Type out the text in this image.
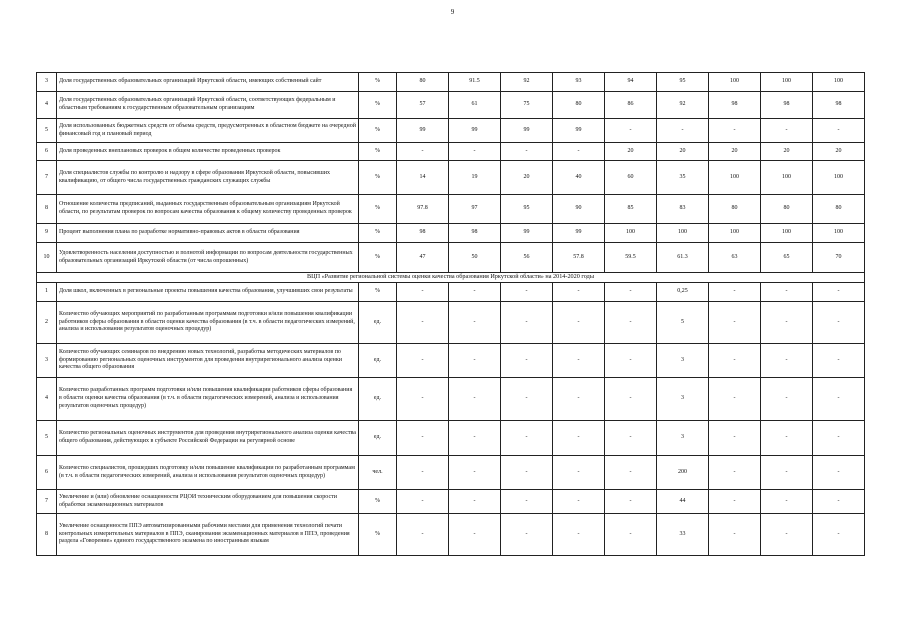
9
3	Доля государственных образовательных организаций Иркутской области, имеющих собственный сайт	%	80	91.5	92	93	94	95	100	100	100
4	Доля государственных образовательных организаций Иркутской области, соответствующих федеральным и областным требованиям к государственным образовательным организациям	%	57	61	75	80	86	92	98	98	98
5	Доля использованных бюджетных средств от объема средств, предусмотренных в областном бюджете на очередной финансовый год и плановый период	%	99	99	99	99	-	-	-	-	-
6	Доля проведенных внеплановых проверок в общем количестве проведенных проверок	%	-	-	-	-	20	20	20	20	20
7	Доля специалистов службы по контролю и надзору в сфере образования Иркутской области, повысивших квалификацию, от общего числа государственных гражданских служащих службы	%	14	19	20	40	60	35	100	100	100
8	Отношение количества предписаний, выданных государственным образовательным организациям Иркутской области, по результатам проверок по вопросам качества образования к общему количеству проведенных проверок	%	97.8	97	95	90	85	83	80	80	80
9	Процент выполнения плана по разработке нормативно-правовых актов в области образования	%	98	98	99	99	100	100	100	100	100
10	Удовлетворенность населения доступностью и полнотой информации по вопросам деятельности государственных образовательных организаций Иркутской области (от числа опрошенных)	%	47	50	56	57.8	59.5	61.3	63	65	70
ВЦП «Развитие региональной системы оценки качества образования Иркутской области» на 2014-2020 годы											
1	Доля школ, включенных в региональные проекты повышения качества образования, улучшивших свои результаты	%	-	-	-	-	-	0,25	-	-	-
2	Количество обучающих мероприятий по разработанным программам подготовки и/или повышения квалификации работников сферы образования в области оценки качества образования (в т.ч. в области педагогических измерений, анализа и использования результатов оценочных процедур)	ед.	-	-	-	-	-	5	-	-	-
3	Количество обучающих семинаров по внедрению новых технологий, разработка методических материалов по формированию региональных оценочных инструментов для проведения внутрирегионального анализа оценки качества общего образования	ед.	-	-	-	-	-	3	-	-	-
4	Количество разработанных программ подготовки и/или повышения квалификации работников сферы образования в области оценки качества образования (в т.ч. в области педагогических измерений, анализа и использования результатов оценочных процедур)	ед.	-	-	-	-	-	3	-	-	-
5	Количество региональных оценочных инструментов для проведения внутрирегионального анализа оценки качества общего образования, действующих в субъекте Российской Федерации на регулярной основе	ед.	-	-	-	-	-	3	-	-	-
6	Количество специалистов, прошедших подготовку и/или повышение квалификации по разработанным программам (в т.ч. в области педагогических измерений, анализа и использования результатов оценочных процедур)	чел.	-	-	-	-	-	200	-	-	-
7	Увеличение и (или) обновление оснащенности РЦОИ техническим оборудованием для повышения скорости обработки экзаменационных материалов	%	-	-	-	-	-	44	-	-	-
8	Увеличение оснащенности ППЭ автоматизированными рабочими местами для применения технологий печати контрольных измерительных материалов в ППЭ, сканирования экзаменационных материалов в ППЭ, проведения раздела «Говорение» единого государственного экзамена по иностранным языкам	%	-	-	-	-	-	33	-	-	-
